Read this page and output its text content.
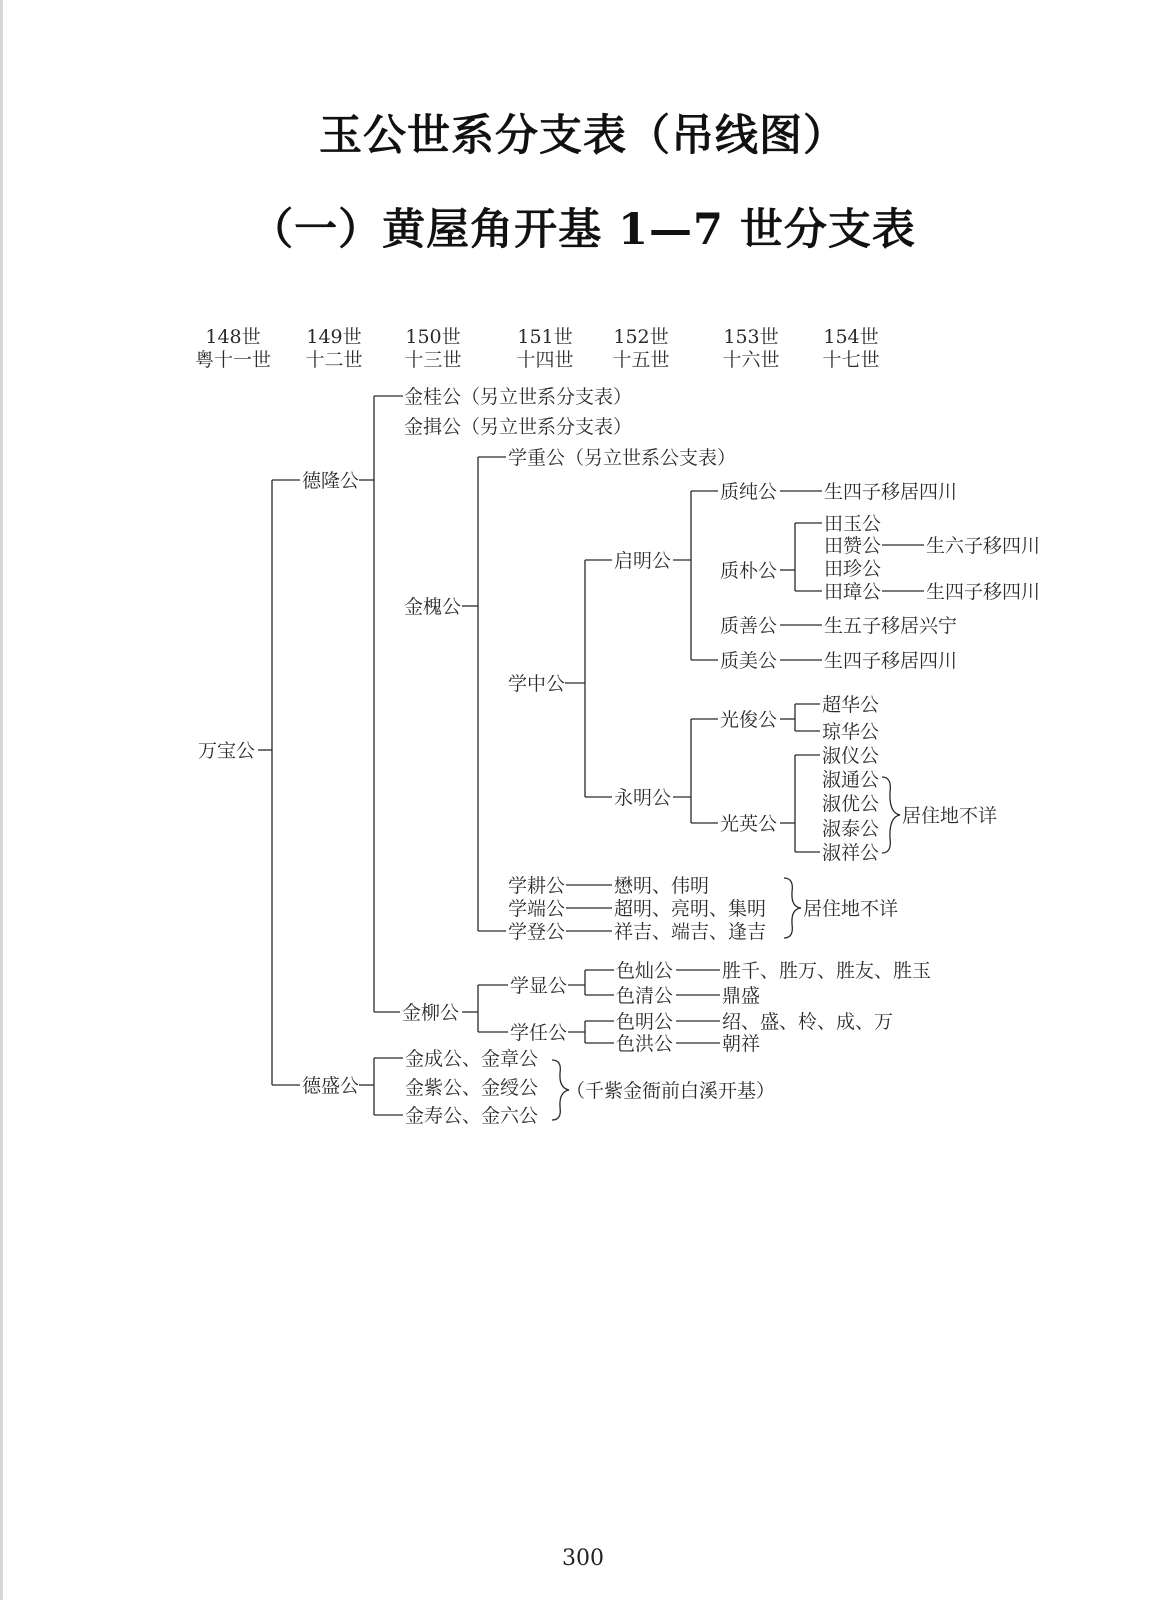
玉公世系分支表（吊线图）
（一）黄屋角开基 1—7 世分支表
148世
粤十一世
149世
十二世
150世
十三世
151世
十四世
152世
十五世
153世
十六世
154世
十七世
万宝公
德隆公
德盛公
金桂公（另立世系分支表）
金揖公（另立世系分支表）
金槐公
金柳公
学重公（另立世系公支表）
学中公
启明公
永明公
质纯公 生四子移居四川
质朴公
田玉公
田赞公 生六子移四川
田珍公
田璋公 生四子移四川
质善公 生五子移居兴宁
质美公 生四子移居四川
光俊公
超华公
琼华公
光英公
淑仪公
淑通公
淑优公
淑泰公
淑祥公
居住地不详
学耕公	懋明、伟明
学端公	超明、亮明、集明
学登公	祥吉、端吉、逢吉
居住地不详
学显公
色灿公	胜千、胜万、胜友、胜玉
色清公	鼎盛
学任公	色明公	绍、盛、柃、成、万
色洪公	朝祥
金成公、金章公
金紫公、金绶公
金寿公、金六公
（千紫金衙前白溪开基）
300
